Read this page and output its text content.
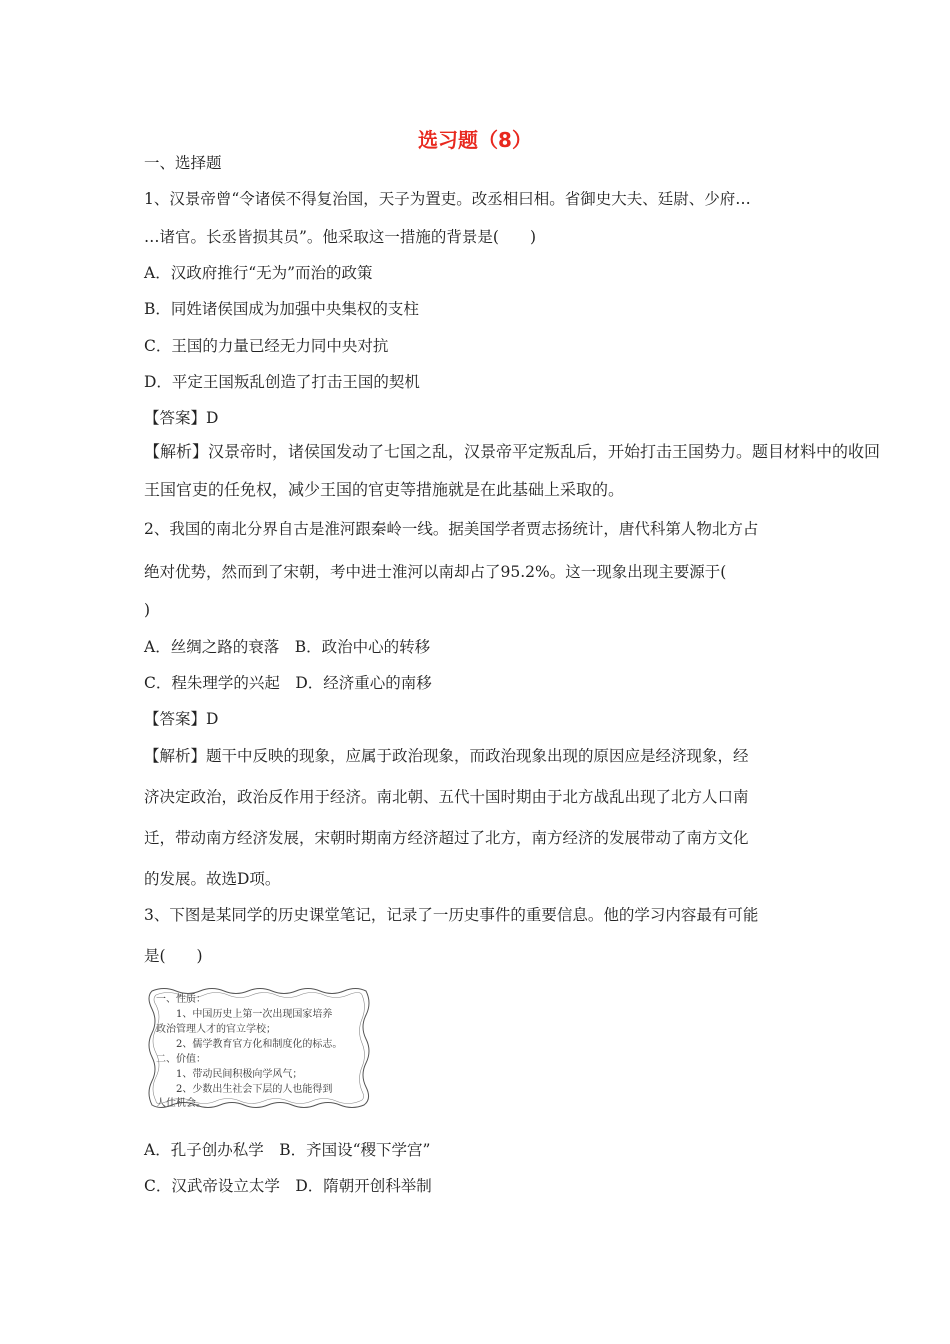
选习题（8）
一、选择题
1、汉景帝曾“令诸侯不得复治国，天子为置吏。改丞相曰相。省御史大夫、廷尉、少府…
…诸官。长丞皆损其员”。他采取这一措施的背景是(　　)
A．汉政府推行“无为”而治的政策
B．同姓诸侯国成为加强中央集权的支柱
C．王国的力量已经无力同中央对抗
D．平定王国叛乱创造了打击王国的契机
【答案】D
【解析】汉景帝时，诸侯国发动了七国之乱，汉景帝平定叛乱后，开始打击王国势力。题目材料中的收回
王国官吏的任免权，减少王国的官吏等措施就是在此基础上采取的。
2、我国的南北分界自古是淮河跟秦岭一线。据美国学者贾志扬统计，唐代科第人物北方占
绝对优势，然而到了宋朝，考中进士淮河以南却占了95.2%。这一现象出现主要源于(
)
A．丝绸之路的衰落　B．政治中心的转移
C．程朱理学的兴起　D．经济重心的南移
【答案】D
【解析】题干中反映的现象，应属于政治现象，而政治现象出现的原因应是经济现象，经
济决定政治，政治反作用于经济。南北朝、五代十国时期由于北方战乱出现了北方人口南
迁，带动南方经济发展，宋朝时期南方经济超过了北方，南方经济的发展带动了南方文化
的发展。故选D项。
3、下图是某同学的历史课堂笔记，记录了一历史事件的重要信息。他的学习内容最有可能
是(　　)
一、性质：
　　1、中国历史上第一次出现国家培养
政治管理人才的官立学校；
　　2、儒学教育官方化和制度化的标志。
二、价值：
　　1、带动民间积极向学风气；
　　2、少数出生社会下层的人也能得到
人仕机会。
A．孔子创办私学　B．齐国设“稷下学宫”
C．汉武帝设立太学　D．隋朝开创科举制
